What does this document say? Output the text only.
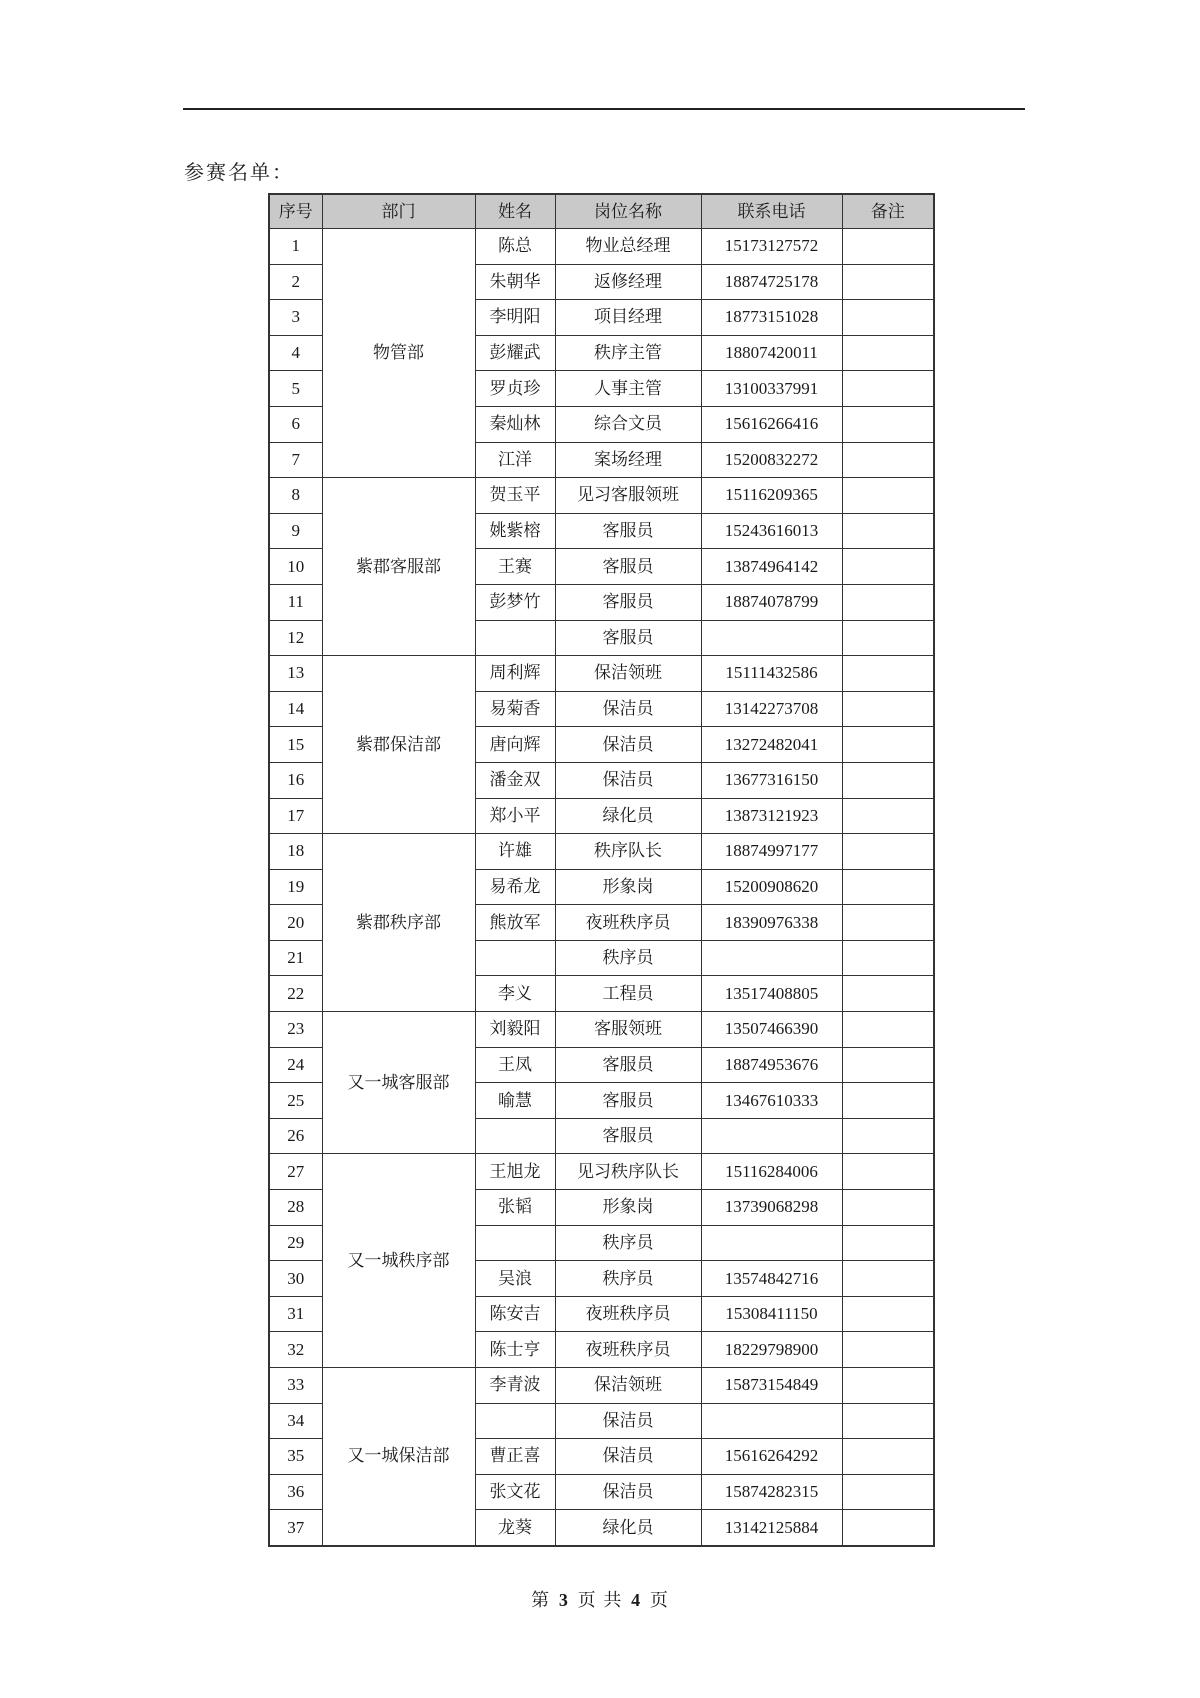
参赛名单：
序号	部门	姓名	岗位名称	联系电话	备注
1	物管部	陈总	物业总经理	15173127572	
2		朱朝华	返修经理	18874725178	
3		李明阳	项目经理	18773151028	
4		彭耀武	秩序主管	18807420011	
5		罗贞珍	人事主管	13100337991	
6		秦灿林	综合文员	15616266416	
7		江洋	案场经理	15200832272	
8	紫郡客服部	贺玉平	见习客服领班	15116209365	
9		姚紫榕	客服员	15243616013	
10		王赛	客服员	13874964142	
11		彭梦竹	客服员	18874078799	
12			客服员		
13	紫郡保洁部	周利辉	保洁领班	15111432586	
14		易菊香	保洁员	13142273708	
15		唐向辉	保洁员	13272482041	
16		潘金双	保洁员	13677316150	
17		郑小平	绿化员	13873121923	
18	紫郡秩序部	许雄	秩序队长	18874997177	
19		易希龙	形象岗	15200908620	
20		熊放军	夜班秩序员	18390976338	
21			秩序员		
22		李义	工程员	13517408805	
23	又一城客服部	刘毅阳	客服领班	13507466390	
24		王凤	客服员	18874953676	
25		喻慧	客服员	13467610333	
26			客服员		
27	又一城秩序部	王旭龙	见习秩序队长	15116284006	
28		张韬	形象岗	13739068298	
29			秩序员		
30		吴浪	秩序员	13574842716	
31		陈安吉	夜班秩序员	15308411150	
32		陈士亨	夜班秩序员	18229798900	
33	又一城保洁部	李青波	保洁领班	15873154849	
34			保洁员		
35		曹正喜	保洁员	15616264292	
36		张文花	保洁员	15874282315	
37		龙葵	绿化员	13142125884	
第 3 页 共 4 页
